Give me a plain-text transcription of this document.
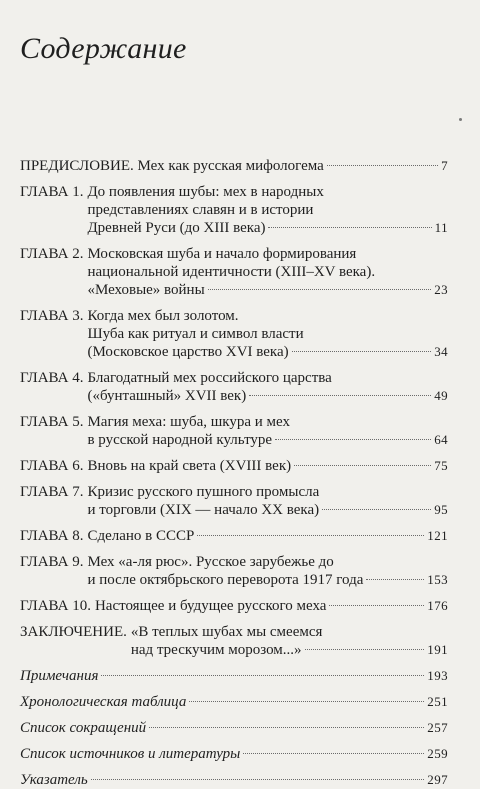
Содержание
ПРЕДИСЛОВИЕ. Мех как русская мифологема	7
ГЛАВА 1. До появления шубы: мех в народных
представлениях славян и в истории
Древней Руси (до XIII века)	11
ГЛАВА 2. Московская шуба и начало формирования
национальной идентичности (XIII–XV века).
«Меховые» войны	23
ГЛАВА 3. Когда мех был золотом.
Шуба как ритуал и символ власти
(Московское царство XVI века)	34
ГЛАВА 4. Благодатный мех российского царства
(«бунташный» XVII век)	49
ГЛАВА 5. Магия меха: шуба, шкура и мех
в русской народной культуре	64
ГЛАВА 6. Вновь на край света (XVIII век)	75
ГЛАВА 7. Кризис русского пушного промысла
и торговли (XIX — начало XX века)	95
ГЛАВА 8. Сделано в СССР	121
ГЛАВА 9. Мех «а-ля рюс». Русское зарубежье до
и после октябрьского переворота 1917 года	153
ГЛАВА 10. Настоящее и будущее русского меха	176
ЗАКЛЮЧЕНИЕ. «В теплых шубах мы смеемся
над трескучим морозом...»	191
Примечания	193
Хронологическая таблица	251
Список сокращений	257
Список источников и литературы	259
Указатель	297
